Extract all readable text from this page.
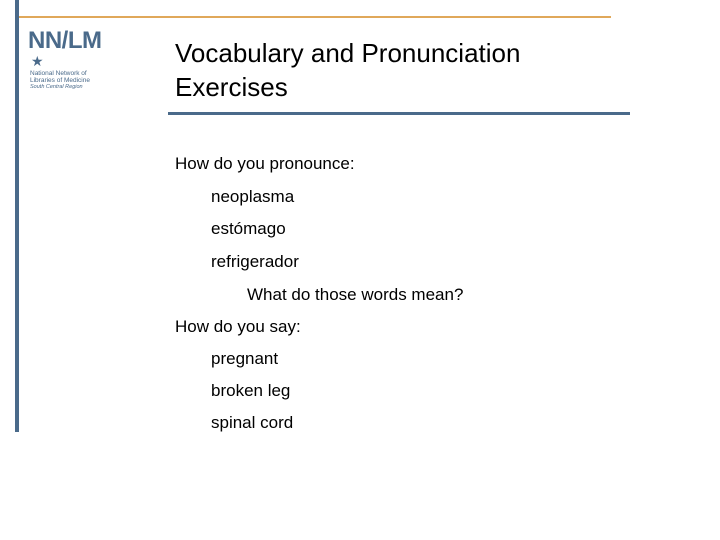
NN/LM
★
National Network of Libraries of Medicine
South Central Region
Vocabulary and Pronunciation Exercises

How do you pronounce:

neoplasma

estómago

refrigerador

What do those words mean?

How do you say:

pregnant

broken leg

spinal cord
